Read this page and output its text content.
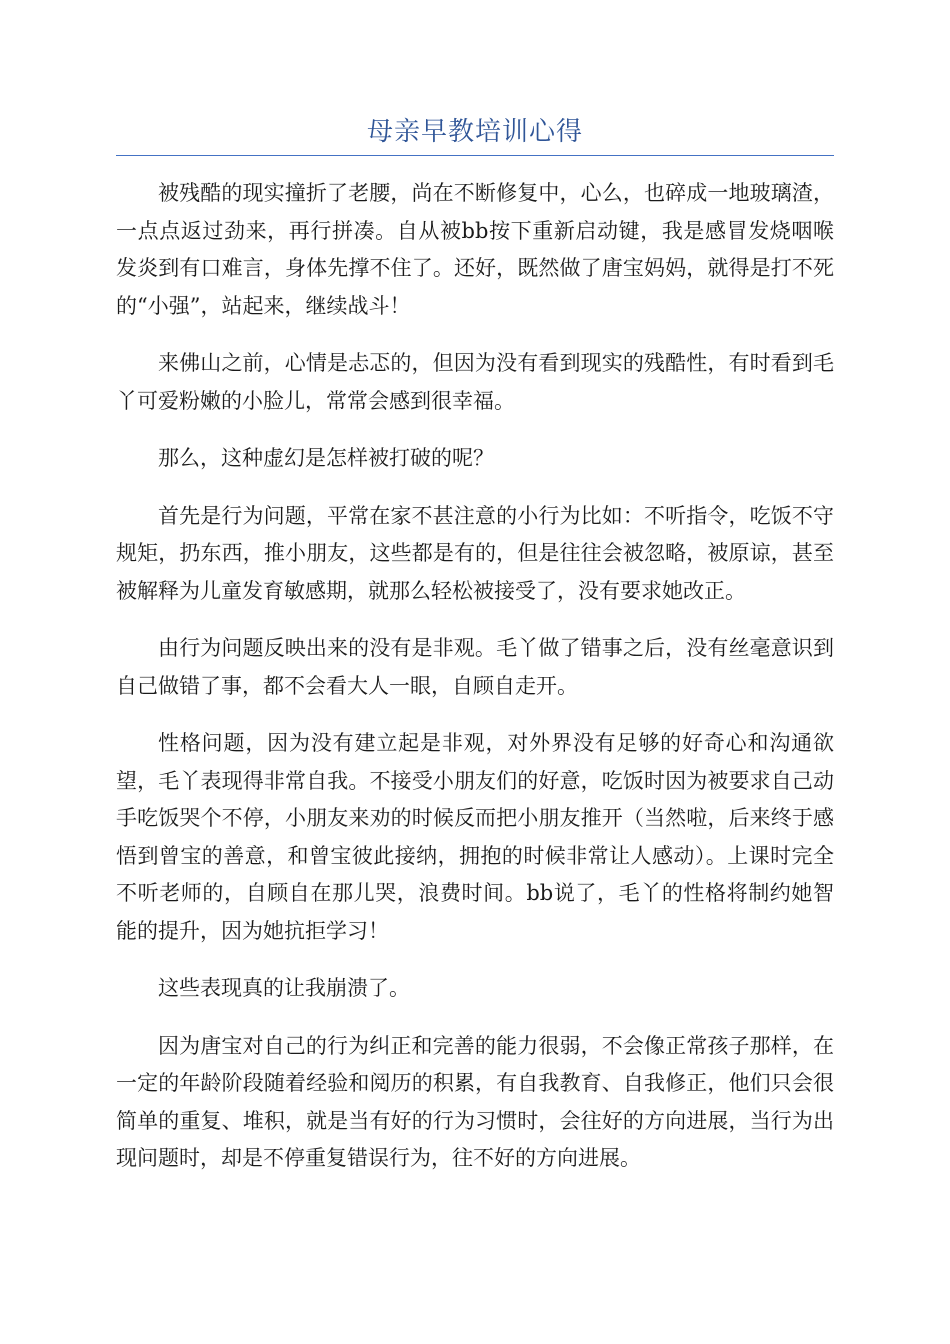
母亲早教培训心得

被残酷的现实撞折了老腰，尚在不断修复中，心么，也碎成一地玻璃渣，一点点返过劲来，再行拼凑。自从被bb按下重新启动键，我是感冒发烧咽喉发炎到有口难言，身体先撑不住了。还好，既然做了唐宝妈妈，就得是打不死的“小强”，站起来，继续战斗！

来佛山之前，心情是忐忑的，但因为没有看到现实的残酷性，有时看到毛丫可爱粉嫩的小脸儿，常常会感到很幸福。

那么，这种虚幻是怎样被打破的呢？

首先是行为问题，平常在家不甚注意的小行为比如：不听指令，吃饭不守规矩，扔东西，推小朋友，这些都是有的，但是往往会被忽略，被原谅，甚至被解释为儿童发育敏感期，就那么轻松被接受了，没有要求她改正。

由行为问题反映出来的没有是非观。毛丫做了错事之后，没有丝毫意识到自己做错了事，都不会看大人一眼，自顾自走开。

性格问题，因为没有建立起是非观，对外界没有足够的好奇心和沟通欲望，毛丫表现得非常自我。不接受小朋友们的好意，吃饭时因为被要求自己动手吃饭哭个不停，小朋友来劝的时候反而把小朋友推开（当然啦，后来终于感悟到曾宝的善意，和曾宝彼此接纳，拥抱的时候非常让人感动）。上课时完全不听老师的，自顾自在那儿哭，浪费时间。bb说了，毛丫的性格将制约她智能的提升，因为她抗拒学习！

这些表现真的让我崩溃了。

因为唐宝对自己的行为纠正和完善的能力很弱，不会像正常孩子那样，在一定的年龄阶段随着经验和阅历的积累，有自我教育、自我修正，他们只会很简单的重复、堆积，就是当有好的行为习惯时，会往好的方向进展，当行为出现问题时，却是不停重复错误行为，往不好的方向进展。
